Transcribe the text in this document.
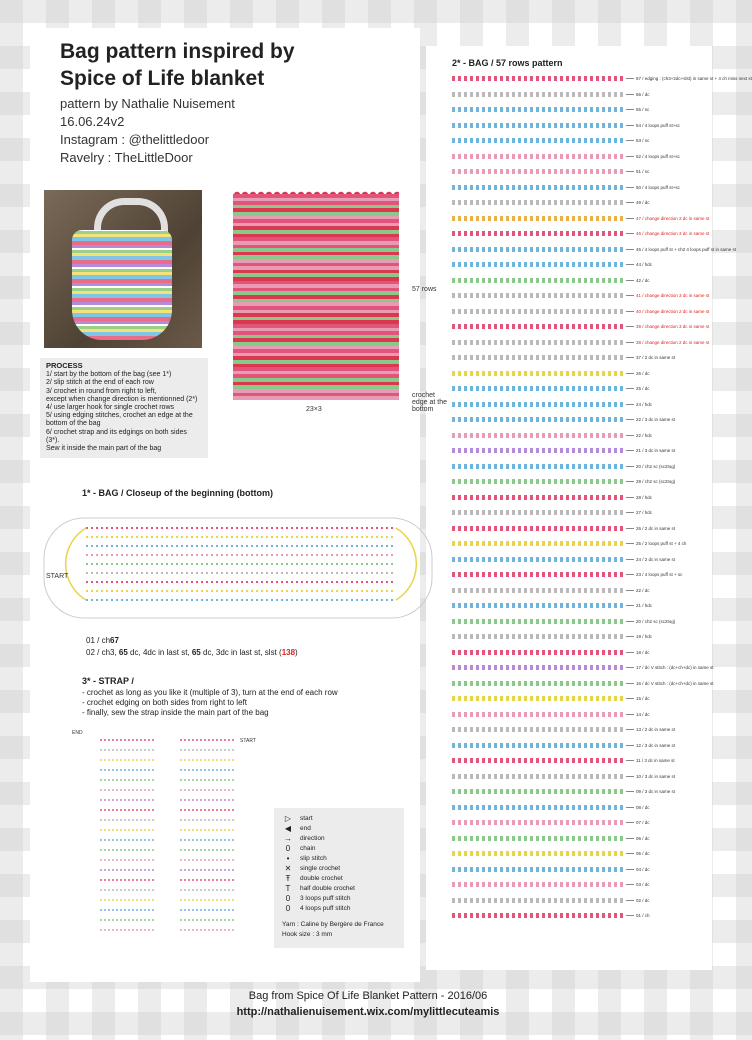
Bag pattern inspired by
Spice of Life blanket
pattern by Nathalie Nuisement
16.06.24v2
Instagram : @thelittledoor
Ravelry : TheLittleDoor
57 rows
23×3
crochet edge at the bottom
PROCESS
1/ start by the bottom of the bag (see 1*)
2/ slip stitch at the end of each row
3/ crochet in round from right to left,
except when change direction is mentionned (2*)
4/ use larger hook for single crochet rows
5/ using edging stitches, crochet an edge at the
bottom of the bag
6/ crochet strap and its edgings on both sides (3*).
Sew it inside the main part of the bag
1* - BAG / Closeup of the beginning (bottom)
START
01 / ch67
02 / ch3, 65 dc, 4dc in last st, 65 dc, 3dc in last st, slst (138)
3* - STRAP /
- crochet as long as you like it (multiple of 3), turn at the end of each row
- crochet edging on both sides from right to left
- finally, sew the strap inside the main part of the bag
END
START
▷	start
◀	end
→	direction
0	chain
•	slip stitch
✕	single crochet
Ŧ	double crochet
T	half double crochet
0	3 loops puff stitch
0	4 loops puff stitch
Yarn : Caline by Bergère de France
Hook size : 3 mm
2* - BAG / 57 rows pattern
57 / edging : (ch3+2dc+slst) in same st + 4 ch miss next st
56 / dc
55 / sc
54 / 4 loops puff st+sc
53 / sc
52 / 4 loops puff st+sc
51 / sc
50 / 4 loops puff st+sc
49 / dc
47 / change direction 2 dc in same st
46 / change direction 3 dc in same st
45 / 4 loops puff st + ch2 4 loops puff st in same st
44 / hdc
42 / dc
41 / change direction 3 dc in same st
40 / change direction 2 dc in same st
39 / change direction 3 dc in same st
38 / change direction 2 dc in same st
37 / 2 dc in same st
26 / dc
25 / dc
24 / hdc
22 / 3 dc in same st
22 / hdc
21 / 3 dc in same st
20 / ch2 sc (sc2tog)
29 / ch2 sc (sc2tog)
28 / hdc
27 / hdc
26 / 2 dc in same st
25 / 2 loops puff st + 4 ch
24 / 2 dc in same st
23 / 4 loops puff st + sc
22 / dc
21 / hdc
20 / ch2 sc (sc2tog)
19 / hdc
18 / dc
17 / dc V stitch : (dc+ch+dc) in same st
16 / dc V stitch : (dc+ch+dc) in same st
15 / dc
14 / dc
13 / 2 dc in same st
12 / 3 dc in same st
11 / 3 dc in same st
10 / 3 dc in same st
09 / 3 dc in same st
08 / dc
07 / dc
06 / dc
05 / dc
04 / dc
03 / dc
02 / dc
01 / ch
Bag from Spice Of Life Blanket Pattern - 2016/06
http://nathalienuisement.wix.com/mylittlecuteamis
